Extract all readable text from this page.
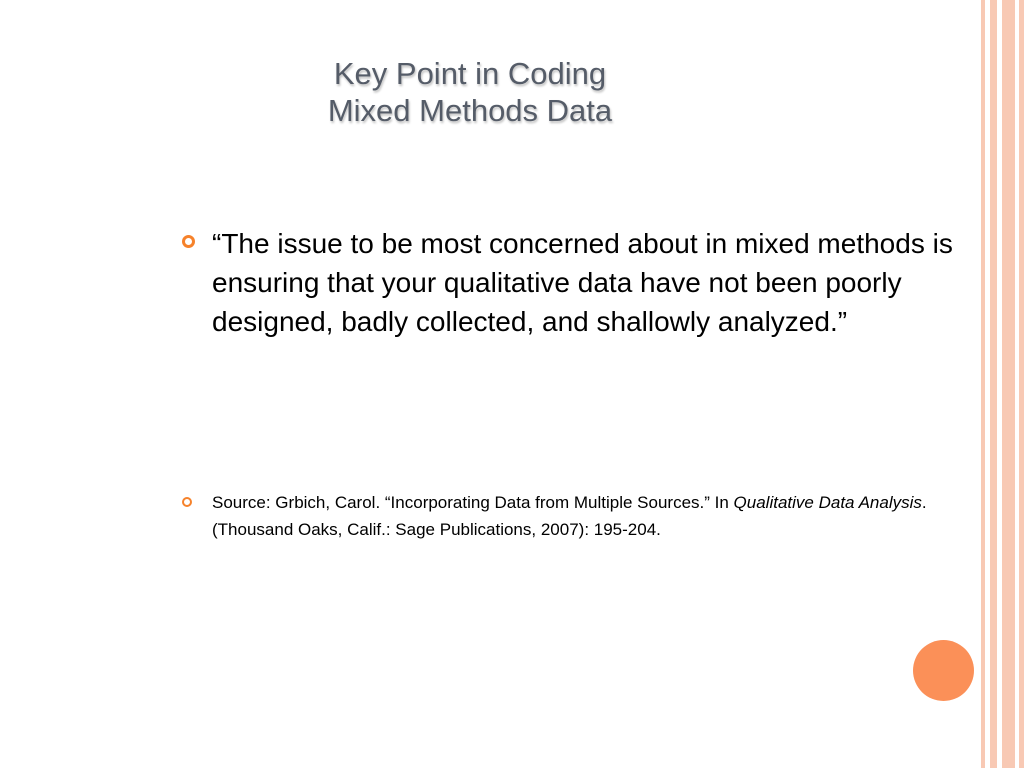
Key Point in Coding
Mixed Methods Data
“The issue to be most concerned about in mixed methods is ensuring that your qualitative data have not been poorly designed, badly collected, and shallowly analyzed.”
Source: Grbich, Carol. “Incorporating Data from Multiple Sources.” In Qualitative Data Analysis. (Thousand Oaks, Calif.: Sage Publications, 2007): 195-204.
